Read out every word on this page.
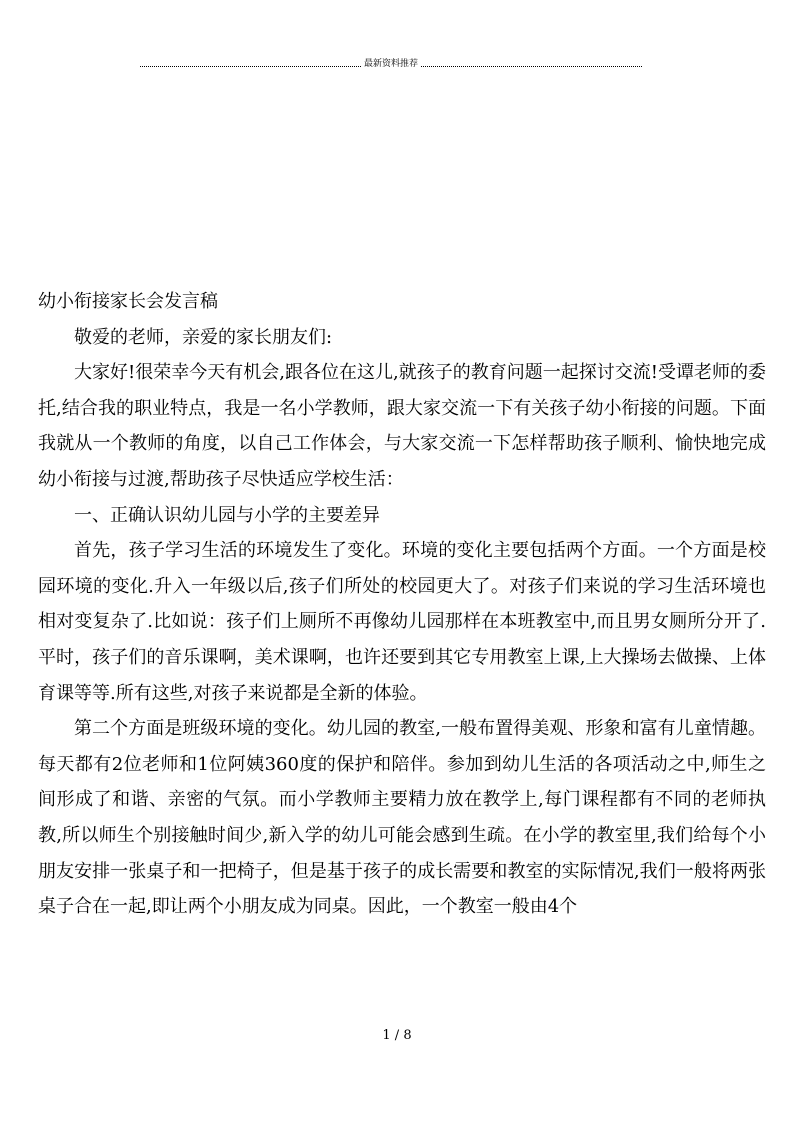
最新资料推荐

幼小衔接家长会发言稿

敬爱的老师，亲爱的家长朋友们:

大家好!很荣幸今天有机会,跟各位在这儿,就孩子的教育问题一起探讨交流!受谭老师的委托,结合我的职业特点，我是一名小学教师，跟大家交流一下有关孩子幼小衔接的问题。下面我就从一个教师的角度，以自己工作体会，与大家交流一下怎样帮助孩子顺利、愉快地完成幼小衔接与过渡,帮助孩子尽快适应学校生活：

一、正确认识幼儿园与小学的主要差异

首先，孩子学习生活的环境发生了变化。环境的变化主要包括两个方面。一个方面是校园环境的变化.升入一年级以后,孩子们所处的校园更大了。对孩子们来说的学习生活环境也相对变复杂了.比如说：孩子们上厕所不再像幼儿园那样在本班教室中,而且男女厕所分开了.平时，孩子们的音乐课啊，美术课啊，也许还要到其它专用教室上课,上大操场去做操、上体育课等等.所有这些,对孩子来说都是全新的体验。

第二个方面是班级环境的变化。幼儿园的教室,一般布置得美观、形象和富有儿童情趣。每天都有2位老师和1位阿姨360度的保护和陪伴。参加到幼儿生活的各项活动之中,师生之间形成了和谐、亲密的气氛。而小学教师主要精力放在教学上,每门课程都有不同的老师执教,所以师生个别接触时间少,新入学的幼儿可能会感到生疏。在小学的教室里,我们给每个小朋友安排一张桌子和一把椅子，但是基于孩子的成长需要和教室的实际情况,我们一般将两张桌子合在一起,即让两个小朋友成为同桌。因此，一个教室一般由4个

1 / 8
